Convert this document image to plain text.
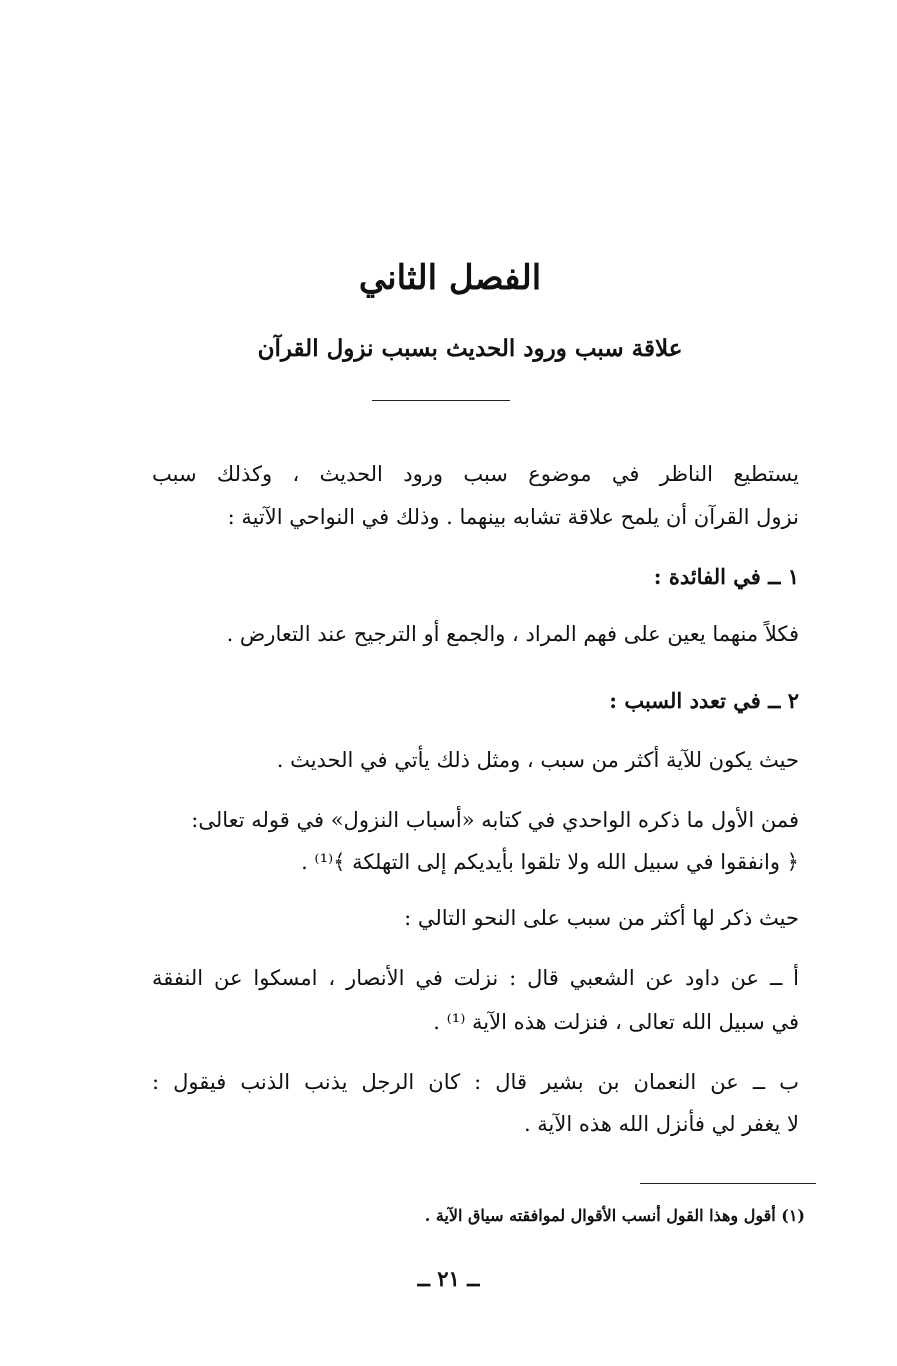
الفصل الثاني
علاقة سبب ورود الحديث بسبب نزول القرآن
يستطيع الناظر في موضوع سبب ورود الحديث ، وكذلك سبب
نزول القرآن أن يلمح علاقة تشابه بينهما . وذلك في النواحي الآتية :
١ ــ في الفائدة :
فكلاً منهما يعين على فهم المراد ، والجمع أو الترجيح عند التعارض .
٢ ــ في تعدد السبب :
حيث يكون للآية أكثر من سبب ، ومثل ذلك يأتي في الحديث .
فمن الأول ما ذكره الواحدي في كتابه «أسباب النزول» في قوله تعالى:
﴿ وانفقوا في سبيل الله ولا تلقوا بأيديكم إلى التهلكة ﴾⁽¹⁾ .
حيث ذكر لها أكثر من سبب على النحو التالي :
أ ــ عن داود عن الشعبي قال : نزلت في الأنصار ، امسكوا عن النفقة
في سبيل الله تعالى ، فنزلت هذه الآية ⁽¹⁾ .
ب ــ عن النعمان بن بشير قال : كان الرجل يذنب الذنب فيقول :
لا يغفر لي فأنزل الله هذه الآية .
(١) أقول وهذا القول أنسب الأقوال لموافقته سياق الآية .
ــ ٢١ ــ
